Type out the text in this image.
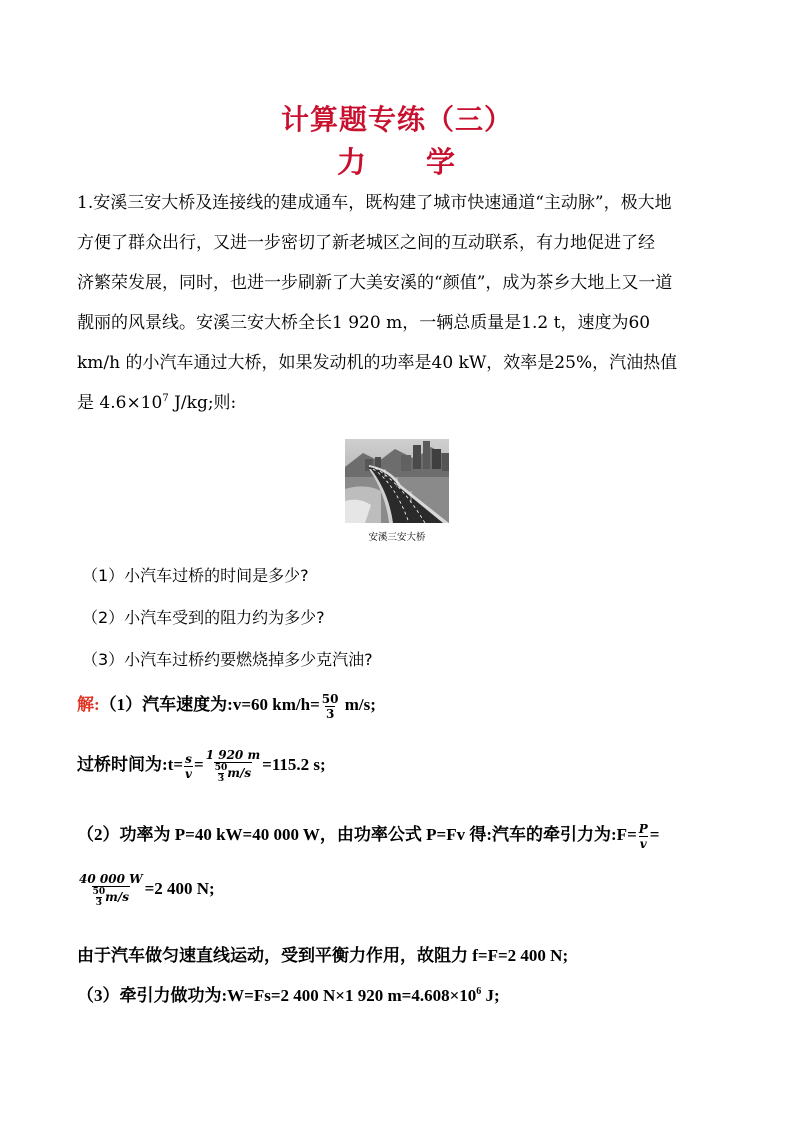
计算题专练（三）
力 学
1.安溪三安大桥及连接线的建成通车，既构建了城市快速通道“主动脉”，极大地
方便了群众出行，又进一步密切了新老城区之间的互动联系，有力地促进了经
济繁荣发展，同时，也进一步刷新了大美安溪的“颜值”，成为茶乡大地上又一道
靓丽的风景线。安溪三安大桥全长1 920 m，一辆总质量是1.2 t，速度为60
km/h 的小汽车通过大桥，如果发动机的功率是40 kW，效率是25%，汽油热值
是 $4.6\times 10^7$ J/kg;则:
安溪三安大桥
（1）小汽车过桥的时间是多少?
（2）小汽车受到的阻力约为多少?
（3）小汽车过桥约要燃烧掉多少克汽油?
解:（1）汽车速度为:v=60 $km/h= \frac{50}{3} m/s$;
过桥时间为:t= $\frac{s}{v} = \frac{1 920 m}{\frac{50}{3} m/s} =115.2$ s;
（2）功率为 P=40 kW=40 000 W，由功率公式 P=Fv 得:汽车的牵引力为:F= $\frac{P}{v}$ =
$\frac{40 000 W}{\frac{50}{3} m/s} =2$ 400 N;
由于汽车做匀速直线运动，受到平衡力作用，故阻力 f=F=2 400 N;
（3）牵引力做功为:W=Fs=2 400 N×1 920 $m=4.608\times 10^6$ J;
